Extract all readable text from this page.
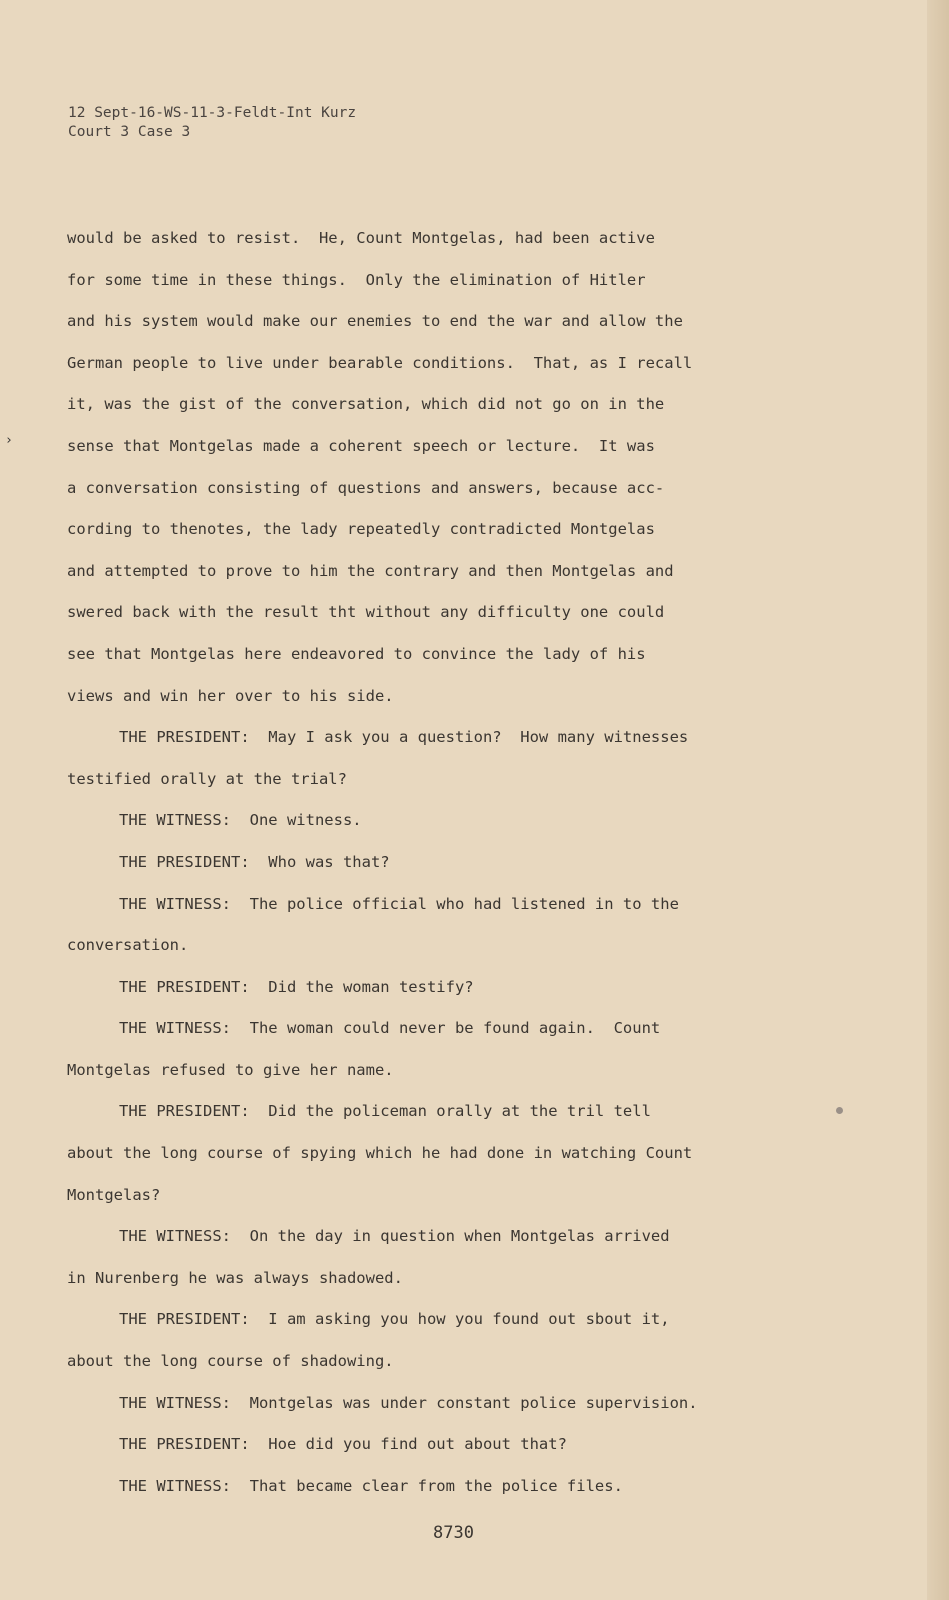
›
12 Sept-16-WS-11-3-Feldt-Int Kurz
Court 3 Case 3
would be asked to resist.  He, Count Montgelas, had been active
for some time in these things.  Only the elimination of Hitler
and his system would make our enemies to end the war and allow the
German people to live under bearable conditions.  That, as I recall
it, was the gist of the conversation, which did not go on in the
sense that Montgelas made a coherent speech or lecture.  It was
a conversation consisting of questions and answers, because acc-
cording to thenotes, the lady repeatedly contradicted Montgelas
and attempted to prove to him the contrary and then Montgelas and
swered back with the result tht without any difficulty one could
see that Montgelas here endeavored to convince the lady of his
views and win her over to his side.
THE PRESIDENT:  May I ask you a question?  How many witnesses
testified orally at the trial?
THE WITNESS:  One witness.
THE PRESIDENT:  Who was that?
THE WITNESS:  The police official who had listened in to the
conversation.
THE PRESIDENT:  Did the woman testify?
THE WITNESS:  The woman could never be found again.  Count
Montgelas refused to give her name.
THE PRESIDENT:  Did the policeman orally at the tril tell
about the long course of spying which he had done in watching Count
Montgelas?
THE WITNESS:  On the day in question when Montgelas arrived
in Nurenberg he was always shadowed.
THE PRESIDENT:  I am asking you how you found out sbout it,
about the long course of shadowing.
THE WITNESS:  Montgelas was under constant police supervision.
THE PRESIDENT:  Hoe did you find out about that?
THE WITNESS:  That became clear from the police files.
8730
